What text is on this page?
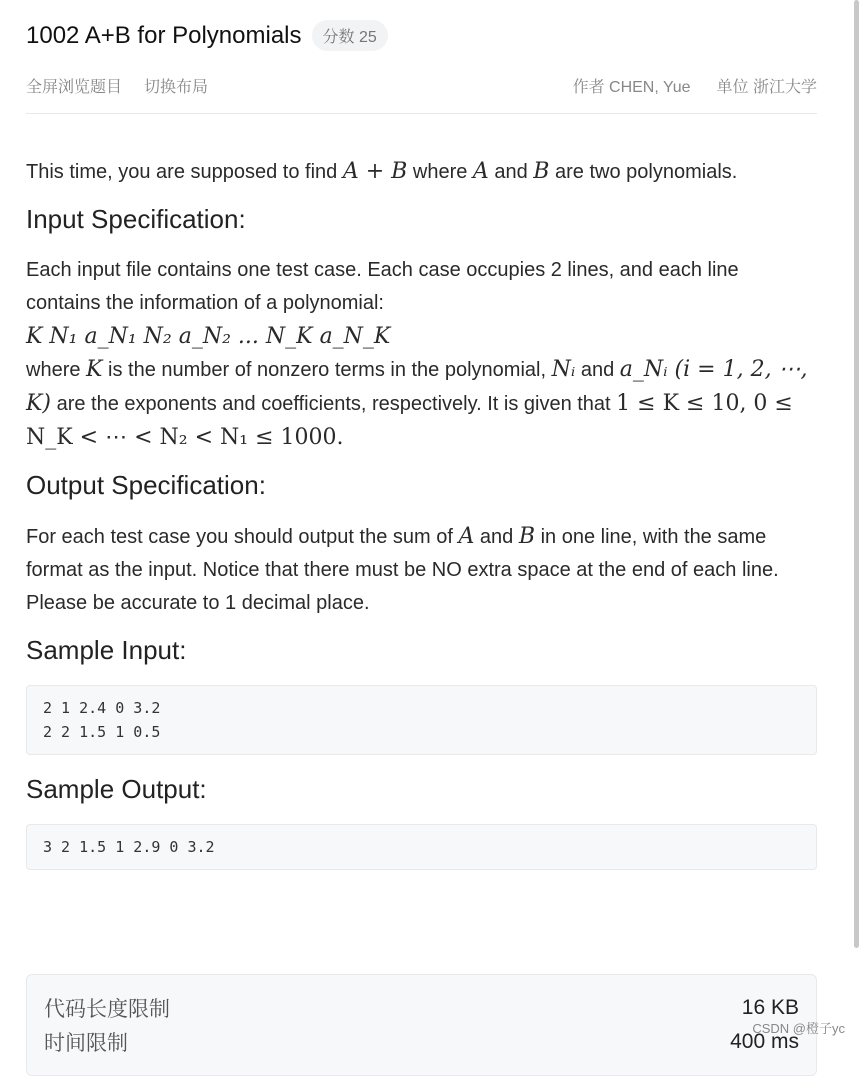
1002 A+B for Polynomials	分数 25
全屏浏览题目 切换布局	作者 CHEN, Yue 单位 浙江大学

This time, you are supposed to find A + B where A and B are two polynomials.

Input Specification:

Each input file contains one test case. Each case occupies 2 lines, and each line contains the information of a polynomial:

K N₁ a_N₁ N₂ a_N₂ ... N_K a_N_K

where K is the number of nonzero terms in the polynomial, Nᵢ and a_Nᵢ (i = 1, 2, ⋯, K) are the exponents and coefficients, respectively. It is given that 1 ≤ K ≤ 10, 0 ≤ N_K < ⋯ < N₂ < N₁ ≤ 1000.

Output Specification:

For each test case you should output the sum of A and B in one line, with the same format as the input. Notice that there must be NO extra space at the end of each line. Please be accurate to 1 decimal place.

Sample Input:
2 1 2.4 0 3.2
2 2 1.5 1 0.5
Sample Output:
3 2 1.5 1 2.9 0 3.2
代码长度限制	16 KB
时间限制	400 ms
CSDN @橙子yc
